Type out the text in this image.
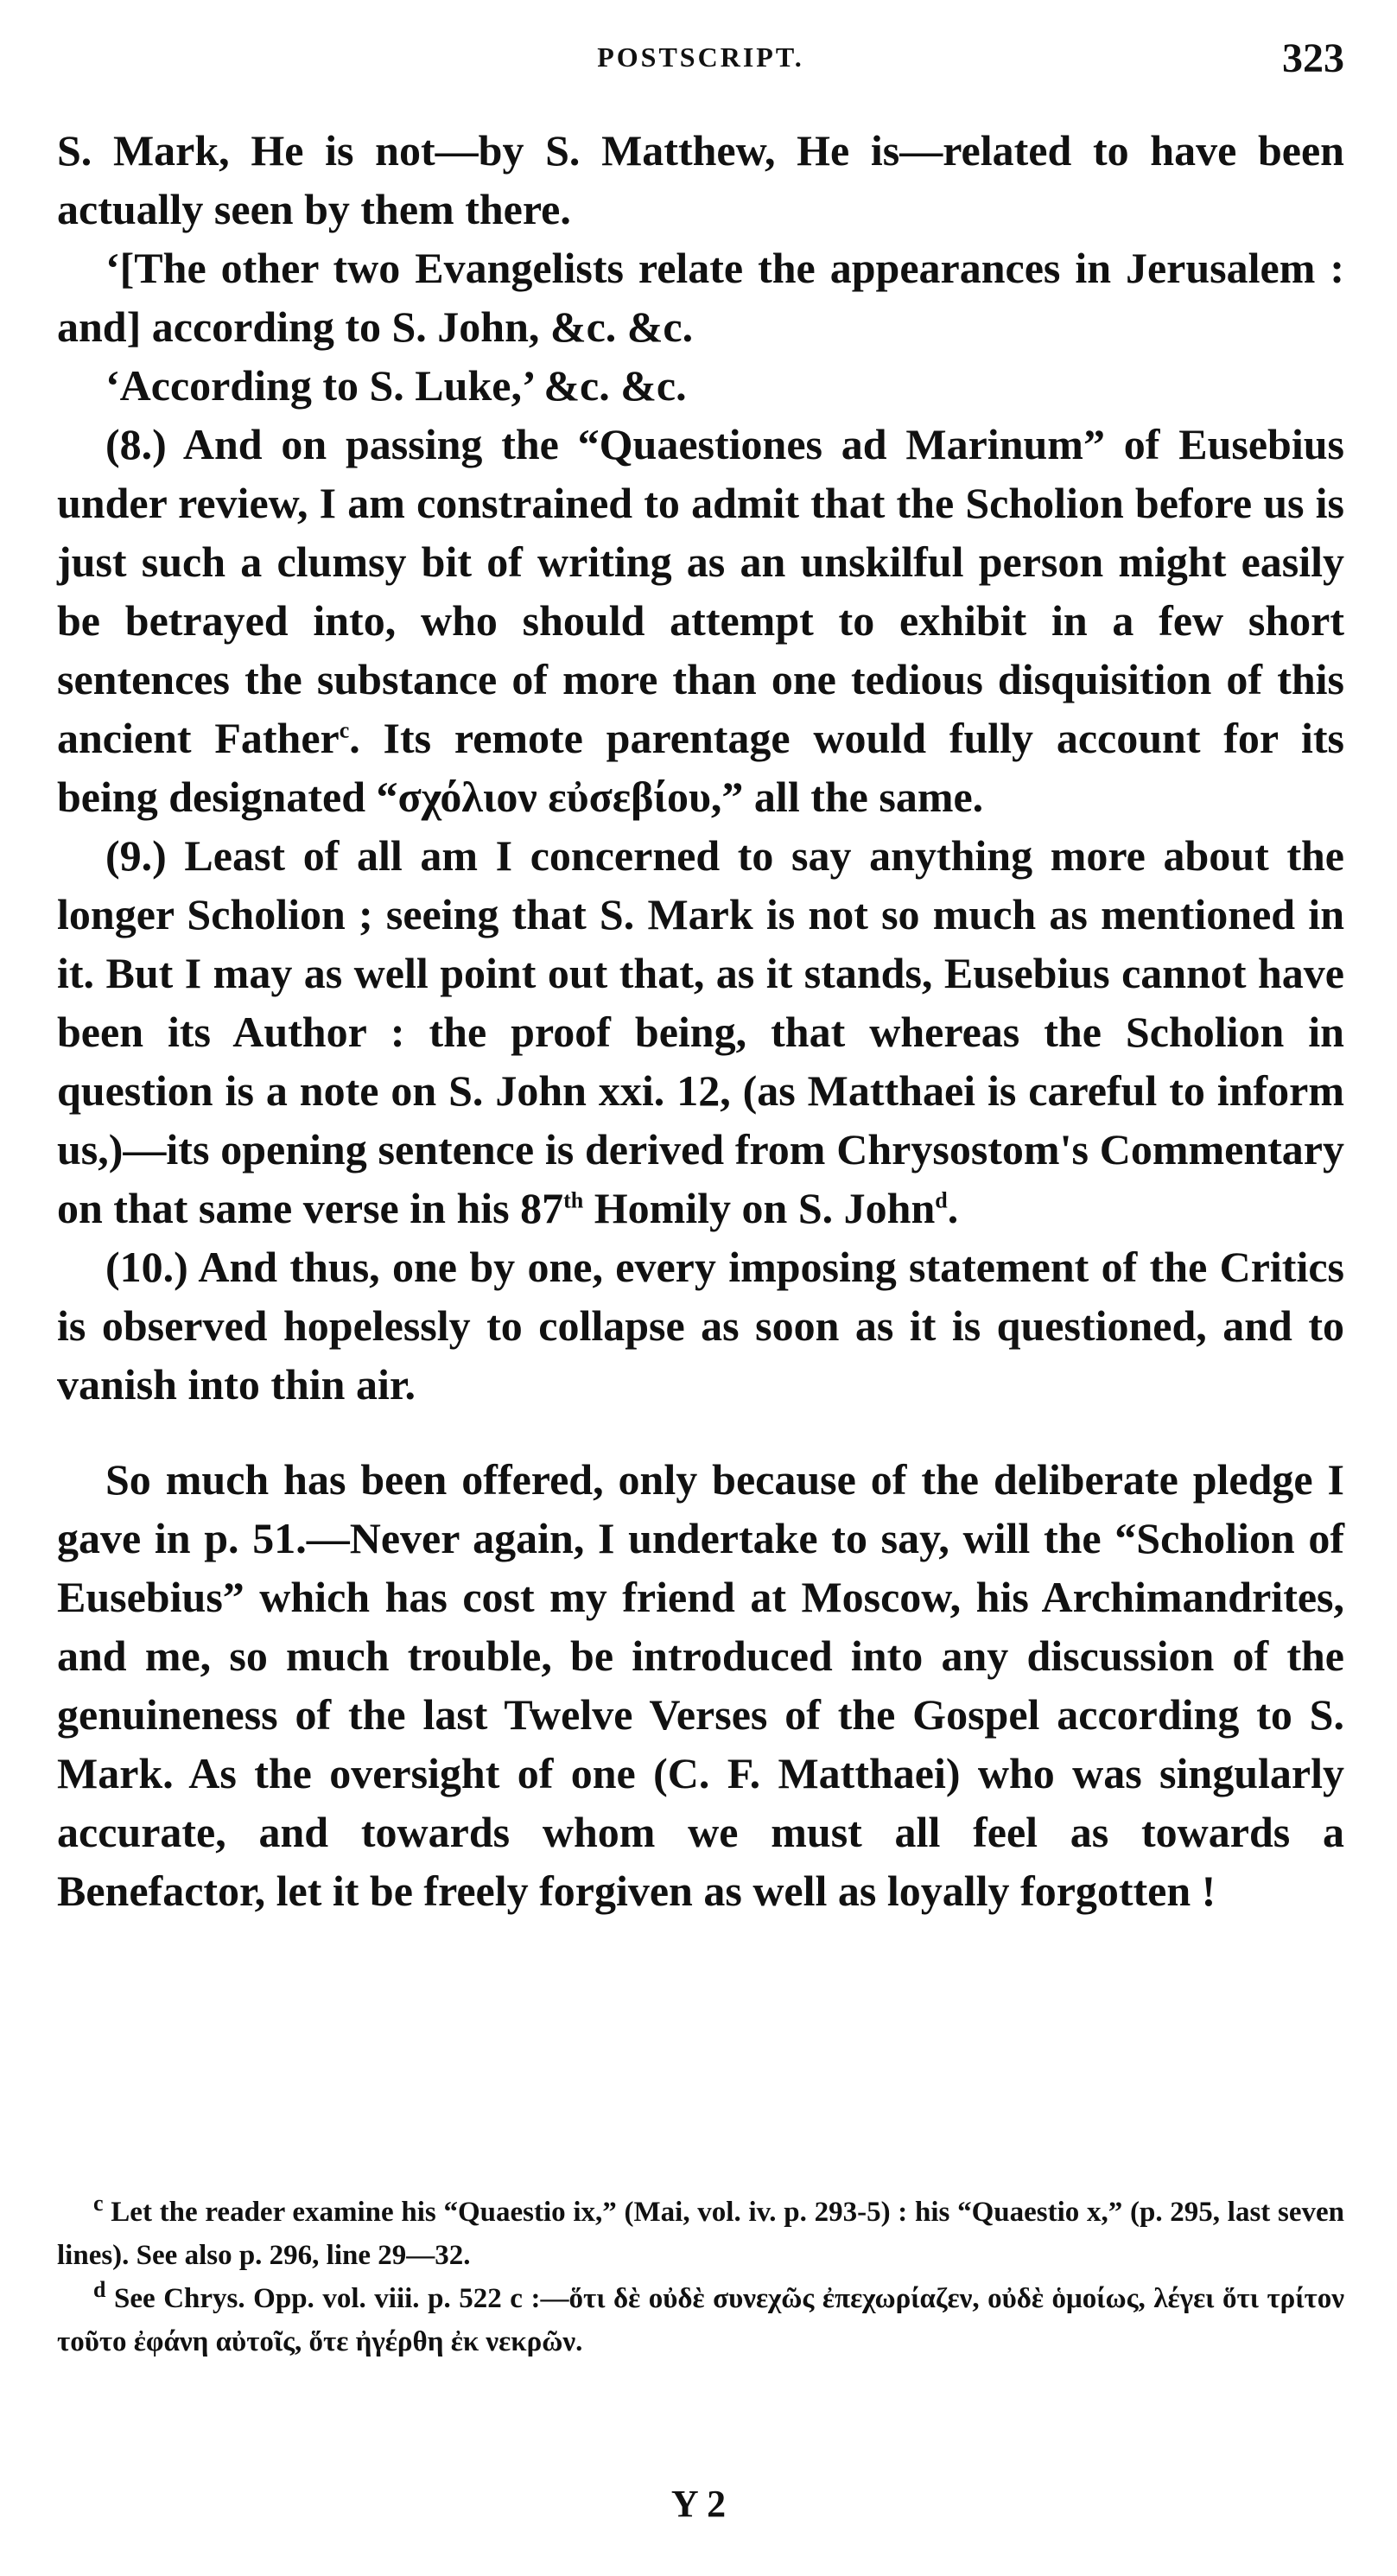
POSTSCRIPT.	323

S. Mark, He is not—by S. Matthew, He is—related to have been actually seen by them there.

‘[The other two Evangelists relate the appearances in Jerusalem : and] according to S. John, &c. &c.

‘According to S. Luke,’ &c. &c.

(8.) And on passing the “Quaestiones ad Marinum” of Eusebius under review, I am constrained to admit that the Scholion before us is just such a clumsy bit of writing as an unskilful person might easily be betrayed into, who should attempt to exhibit in a few short sentences the substance of more than one tedious disquisition of this ancient Father$^c$. Its remote parentage would fully account for its being designated “σχόλιον εὐσεβίου,” all the same.

(9.) Least of all am I concerned to say anything more about the longer Scholion ; seeing that S. Mark is not so much as mentioned in it. But I may as well point out that, as it stands, Eusebius cannot have been its Author : the proof being, that whereas the Scholion in question is a note on S. John xxi. 12, (as Matthaei is careful to inform us,)—its opening sentence is derived from Chrysostom's Commentary on that same verse in his 87th Homily on S. John$^d$.

(10.) And thus, one by one, every imposing statement of the Critics is observed hopelessly to collapse as soon as it is questioned, and to vanish into thin air.

So much has been offered, only because of the deliberate pledge I gave in p. 51.—Never again, I undertake to say, will the “Scholion of Eusebius” which has cost my friend at Moscow, his Archimandrites, and me, so much trouble, be introduced into any discussion of the genuineness of the last Twelve Verses of the Gospel according to S. Mark. As the oversight of one (C. F. Matthaei) who was singularly accurate, and towards whom we must all feel as towards a Benefactor, let it be freely forgiven as well as loyally forgotten !

$^c$ Let the reader examine his “Quaestio ix,” (Mai, vol. iv. p. 293-5) : his “Quaestio x,” (p. 295, last seven lines). See also p. 296, line 29—32.

$^d$ See Chrys. Opp. vol. viii. p. 522 c :—ὅτι δὲ οὐδὲ συνεχῶς ἐπεχωρίαζεν, οὐδὲ ὁμοίως, λέγει ὅτι τρίτον τοῦτο ἐφάνη αὐτοῖς, ὅτε ἠγέρθη ἐκ νεκρῶν.

Y 2
